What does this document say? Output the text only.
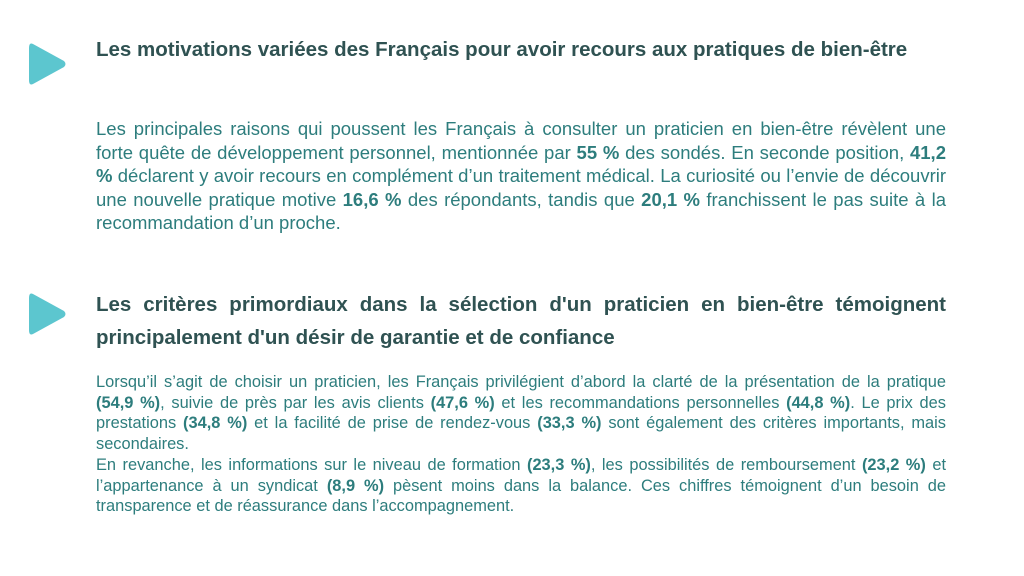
Les motivations variées des Français pour avoir recours aux pratiques de bien-être

Les principales raisons qui poussent les Français à consulter un praticien en bien-être révèlent une forte quête de développement personnel, mentionnée par 55 % des sondés. En seconde position, 41,2 % déclarent y avoir recours en complément d’un traitement médical. La curiosité ou l’envie de découvrir une nouvelle pratique motive 16,6 % des répondants, tandis que 20,1 % franchissent le pas suite à la recommandation d’un proche.

Les critères primordiaux dans la sélection d'un praticien en bien-être témoignent principalement d'un désir de garantie et de confiance

Lorsqu’il s’agit de choisir un praticien, les Français privilégient d’abord la clarté de la présentation de la pratique (54,9 %), suivie de près par les avis clients (47,6 %) et les recommandations personnelles (44,8 %). Le prix des prestations (34,8 %) et la facilité de prise de rendez-vous (33,3 %) sont également des critères importants, mais secondaires.
En revanche, les informations sur le niveau de formation (23,3 %), les possibilités de remboursement (23,2 %) et l’appartenance à un syndicat (8,9 %) pèsent moins dans la balance. Ces chiffres témoignent d’un besoin de transparence et de réassurance dans l’accompagnement.
